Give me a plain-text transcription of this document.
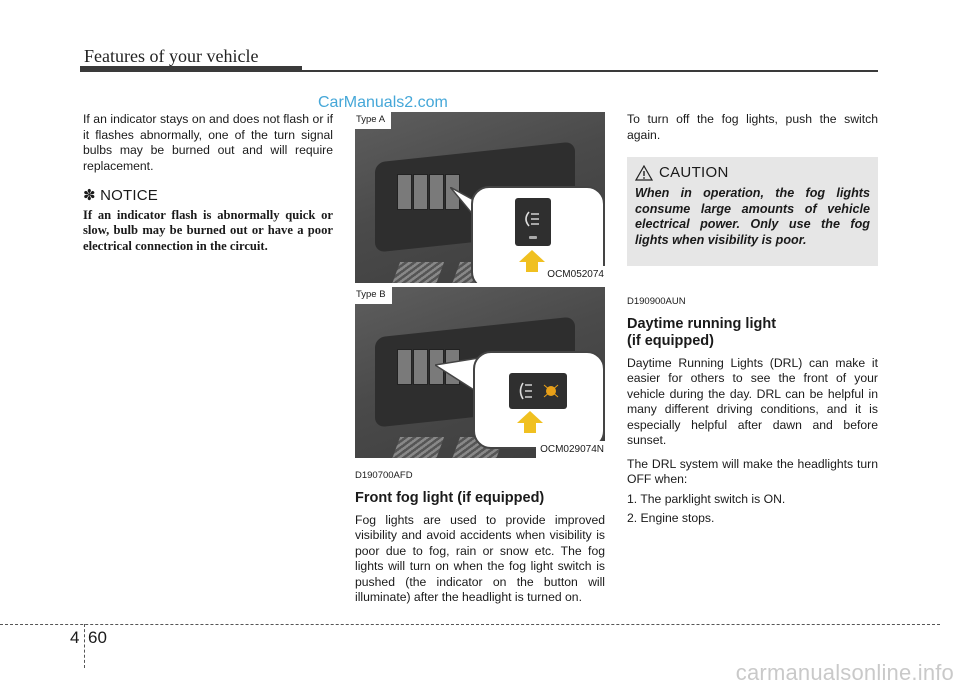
Features of your vehicle
CarManuals2.com

If an indicator stays on and does not flash or if it flashes abnormally, one of the turn signal bulbs may be burned out and will require replacement.

✽ NOTICE

If an indicator flash is abnormally quick or slow, bulb may be burned out or have a poor electrical connection in the circuit.

Type A
OCM052074
Type B
OCM029074N
D190700AFD
Front fog light (if equipped)

Fog lights are used to provide improved visibility and avoid accidents when visibility is poor due to fog, rain or snow etc. The fog lights will turn on when the fog light switch is pushed (the indicator on the button will illuminate) after the headlight is turned on.

To turn off the fog lights, push the switch again.

CAUTION

When in operation, the fog lights consume large amounts of vehicle electrical power. Only use the fog lights when visibility is poor.

D190900AUN
Daytime running light
(if equipped)

Daytime Running Lights (DRL) can make it easier for others to see the front of your vehicle during the day. DRL can be helpful in many different driving conditions, and it is especially helpful after dawn and before sunset.

The DRL system will make the headlights turn OFF when:

1. The parklight switch is ON.

2. Engine stops.

4 60
carmanualsonline.info
